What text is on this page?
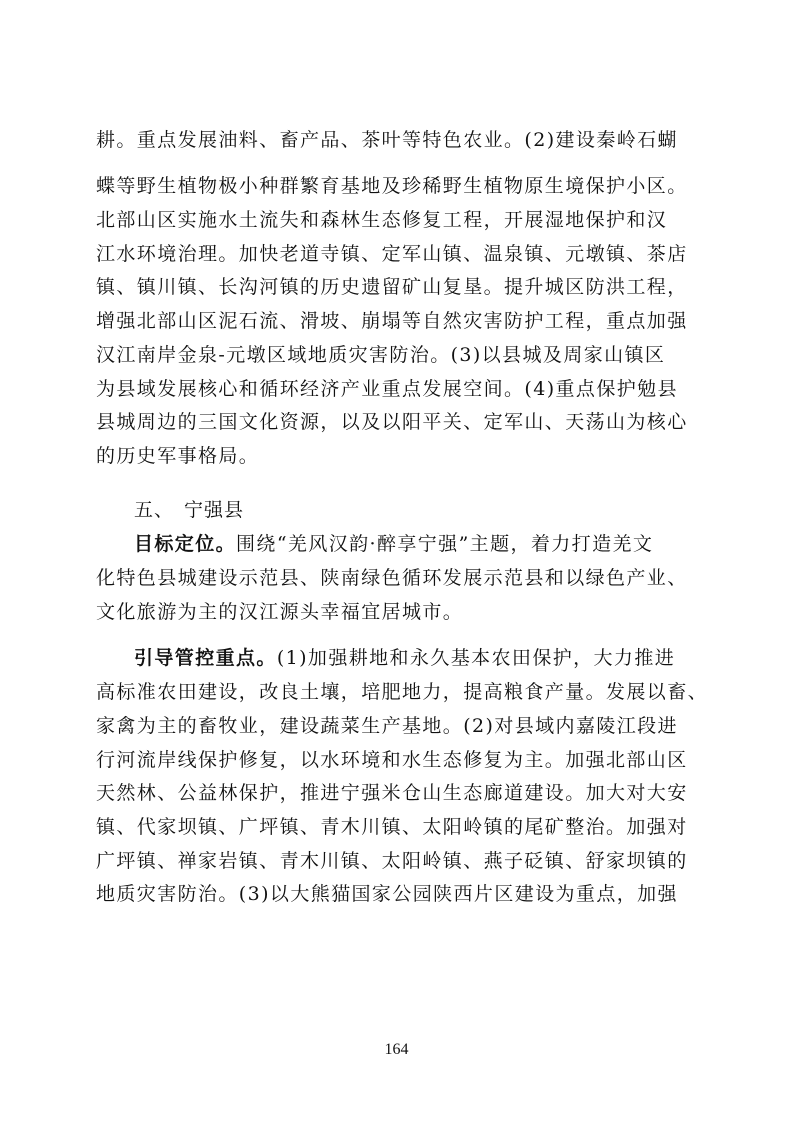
耕。重点发展油料、畜产品、茶叶等特色农业。(2)建设秦岭石蝴
蝶等野生植物极小种群繁育基地及珍稀野生植物原生境保护小区。
北部山区实施水土流失和森林生态修复工程，开展湿地保护和汉
江水环境治理。加快老道寺镇、定军山镇、温泉镇、元墩镇、茶店
镇、镇川镇、长沟河镇的历史遗留矿山复垦。提升城区防洪工程，
增强北部山区泥石流、滑坡、崩塌等自然灾害防护工程，重点加强
汉江南岸金泉-元墩区域地质灾害防治。(3)以县城及周家山镇区
为县域发展核心和循环经济产业重点发展空间。(4)重点保护勉县
县城周边的三国文化资源，以及以阳平关、定军山、天荡山为核心
的历史军事格局。
五、 宁强县
目标定位。围绕“羌风汉韵·醉享宁强”主题，着力打造羌文
化特色县城建设示范县、陕南绿色循环发展示范县和以绿色产业、
文化旅游为主的汉江源头幸福宜居城市。
引导管控重点。(1)加强耕地和永久基本农田保护，大力推进
高标准农田建设，改良土壤，培肥地力，提高粮食产量。发展以畜、
家禽为主的畜牧业，建设蔬菜生产基地。(2)对县域内嘉陵江段进
行河流岸线保护修复，以水环境和水生态修复为主。加强北部山区
天然林、公益林保护，推进宁强米仓山生态廊道建设。加大对大安
镇、代家坝镇、广坪镇、青木川镇、太阳岭镇的尾矿整治。加强对
广坪镇、禅家岩镇、青木川镇、太阳岭镇、燕子砭镇、舒家坝镇的
地质灾害防治。(3)以大熊猫国家公园陕西片区建设为重点，加强
164
